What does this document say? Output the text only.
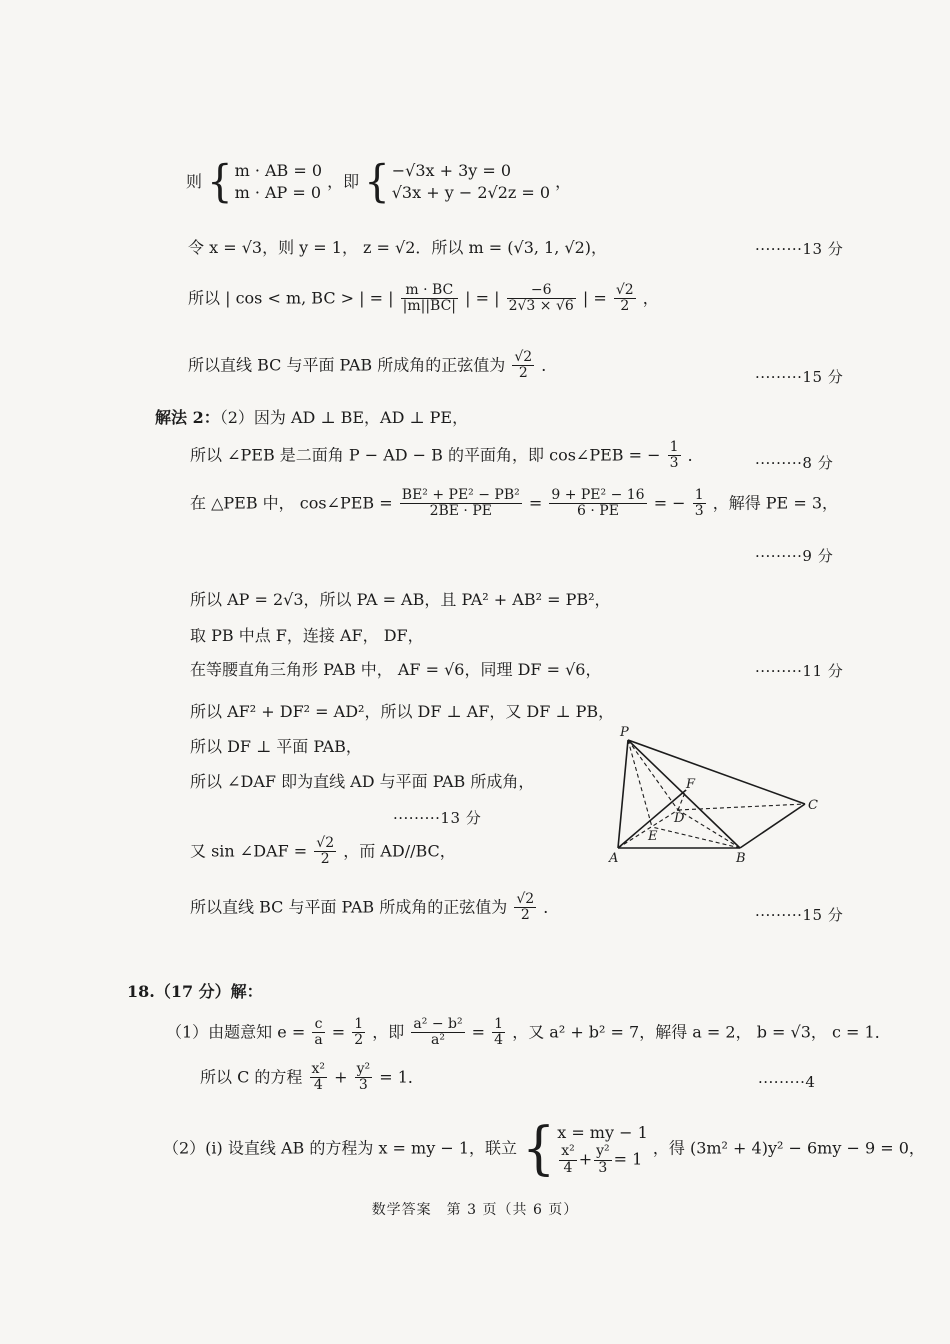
则 { m · AB = 0
m · AP = 0
，即 { −√3x + 3y = 0
√3x + y − 2√2z = 0
，
令 x = √3，则 y = 1， z = √2．所以 m = (√3, 1, √2)，	·········13 分
所以 | cos < m, BC > | = | $\frac{m \cdot BC}{|m||BC|}$ | = | $\frac{-6}{2√3 \times √6}$ | = $\frac{√2}{2}$ ，
所以直线 BC 与平面 PAB 所成角的正弦值为 $\frac{√2}{2}$ ．
·········15 分
解法 2：（2）因为 AD ⊥ BE，AD ⊥ PE，
所以 ∠PEB 是二面角 P − AD − B 的平面角，即 cos∠PEB = − $\frac{1}{3}$ ．	·········8 分
在 △PEB 中， cos∠PEB = $\frac{\text{BE² + PE² − PB²}}{2BE \cdot PE} = \frac{\text{9 + PE² − 16}}{6 \cdot PE}$ = − $\frac{1}{3}$ ，解得 PE = 3，
·········9 分
所以 AP = 2√3，所以 PA = AB，且 PA² + AB² = PB²，
取 PB 中点 F，连接 AF， DF，
在等腰直角三角形 PAB 中， AF = √6，同理 DF = √6，	·········11 分
所以 AF² + DF² = AD²，所以 DF ⊥ AF，又 DF ⊥ PB，
所以 DF ⊥ 平面 PAB，
所以 ∠DAF 即为直线 AD 与平面 PAB 所成角，
·········13 分
又 sin ∠DAF = $\frac{√2}{2}$ ，而 AD//BC，
所以直线 BC 与平面 PAB 所成角的正弦值为 $\frac{√2}{2}$ ．	·········15 分
P
F
C
D
E
A	B
18.（17 分）解：
（1）由题意知 $e = \frac{c}{a} = \frac{1}{2}$ ，即 $\frac{\text{a² − b²}}{\text{a²}} = \frac{1}{4}$ ，又 a² + b² = 7，解得 a = 2， b = √3， c = 1．
所以 C 的方程 $\frac{\text{x²}}{4} + \frac{\text{y²}}{3} = 1$．	·········4
（2）(i) 设直线 AB 的方程为 x = my − 1，联立 { x = my − 1
$\frac{\text{x²}}{4} + \frac{\text{y²}}{3} = 1$
，得 (3m² + 4)y² − 6my − 9 = 0，
数学答案　第 3 页（共 6 页）
